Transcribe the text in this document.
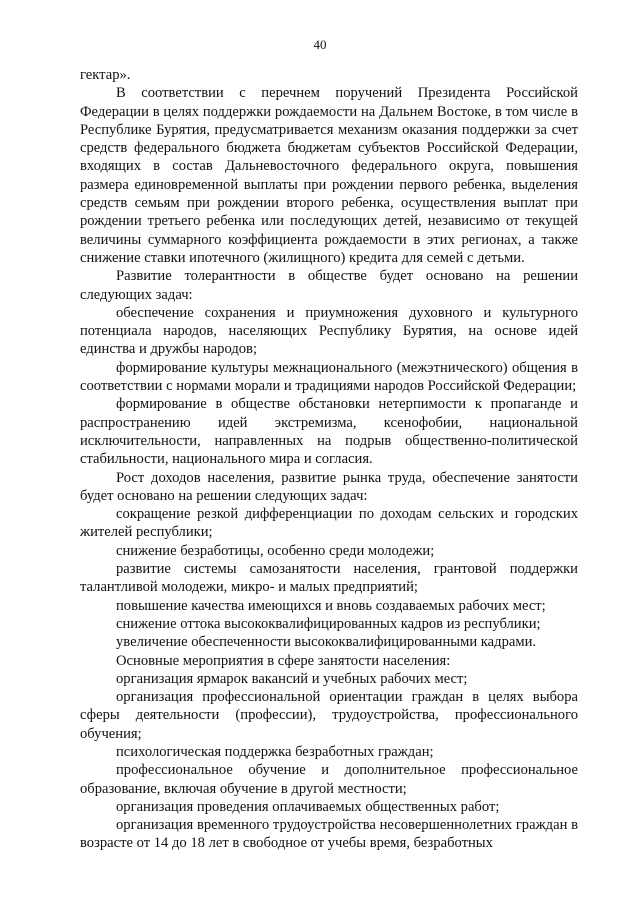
40

гектар».

В соответствии с перечнем поручений Президента Российской Федерации в целях поддержки рождаемости на Дальнем Востоке, в том числе в Республике Бурятия, предусматривается механизм оказания поддержки за счет средств федерального бюджета бюджетам субъектов Российской Федерации, входящих в состав Дальневосточного федерального округа, повышения размера единовременной выплаты при рождении первого ребенка, выделения средств семьям при рождении второго ребенка, осуществления выплат при рождении третьего ребенка или последующих детей, независимо от текущей величины суммарного коэффициента рождаемости в этих регионах, а также снижение ставки ипотечного (жилищного) кредита для семей с детьми.

Развитие толерантности в обществе будет основано на решении следующих задач:

обеспечение сохранения и приумножения духовного и культурного потенциала народов, населяющих Республику Бурятия, на основе идей единства и дружбы народов;

формирование культуры межнационального (межэтнического) общения в соответствии с нормами морали и традициями народов Российской Федерации;

формирование в обществе обстановки нетерпимости к пропаганде и распространению идей экстремизма, ксенофобии, национальной исключительности, направленных на подрыв общественно-политической стабильности, национального мира и согласия.

Рост доходов населения, развитие рынка труда, обеспечение занятости будет основано на решении следующих задач:

сокращение резкой дифференциации по доходам сельских и городских жителей республики;

снижение безработицы, особенно среди молодежи;

развитие системы самозанятости населения, грантовой поддержки талантливой молодежи, микро- и малых предприятий;

повышение качества имеющихся и вновь создаваемых рабочих мест;

снижение оттока высококвалифицированных кадров из республики;

увеличение обеспеченности высококвалифицированными кадрами.

Основные мероприятия в сфере занятости населения:

организация ярмарок вакансий и учебных рабочих мест;

организация профессиональной ориентации граждан в целях выбора сферы деятельности (профессии), трудоустройства, профессионального обучения;

психологическая поддержка безработных граждан;

профессиональное обучение и дополнительное профессиональное образование, включая обучение в другой местности;

организация проведения оплачиваемых общественных работ;

организация временного трудоустройства несовершеннолетних граждан в возрасте от 14 до 18 лет в свободное от учебы время, безработных
